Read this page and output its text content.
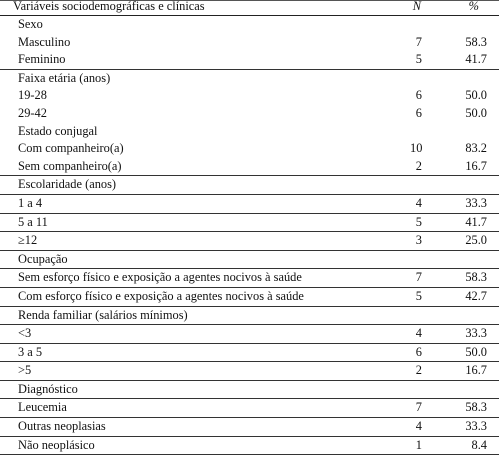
Variáveis sociodemográficas e clínicas	N	%
Sexo
Masculino	7	58.3
Feminino	5	41.7
Faixa etária (anos)
19-28	6	50.0
29-42	6	50.0
Estado conjugal
Com companheiro(a)	10	83.2
Sem companheiro(a)	2	16.7
Escolaridade (anos)
1 a 4	4	33.3
5 a 11	5	41.7
≥12	3	25.0
Ocupação
Sem esforço físico e exposição a agentes nocivos à saúde	7	58.3
Com esforço físico e exposição a agentes nocivos à saúde	5	42.7
Renda familiar (salários mínimos)
<3	4	33.3
3 a 5	6	50.0
>5	2	16.7
Diagnóstico
Leucemia	7	58.3
Outras neoplasias	4	33.3
Não neoplásico	1	8.4
